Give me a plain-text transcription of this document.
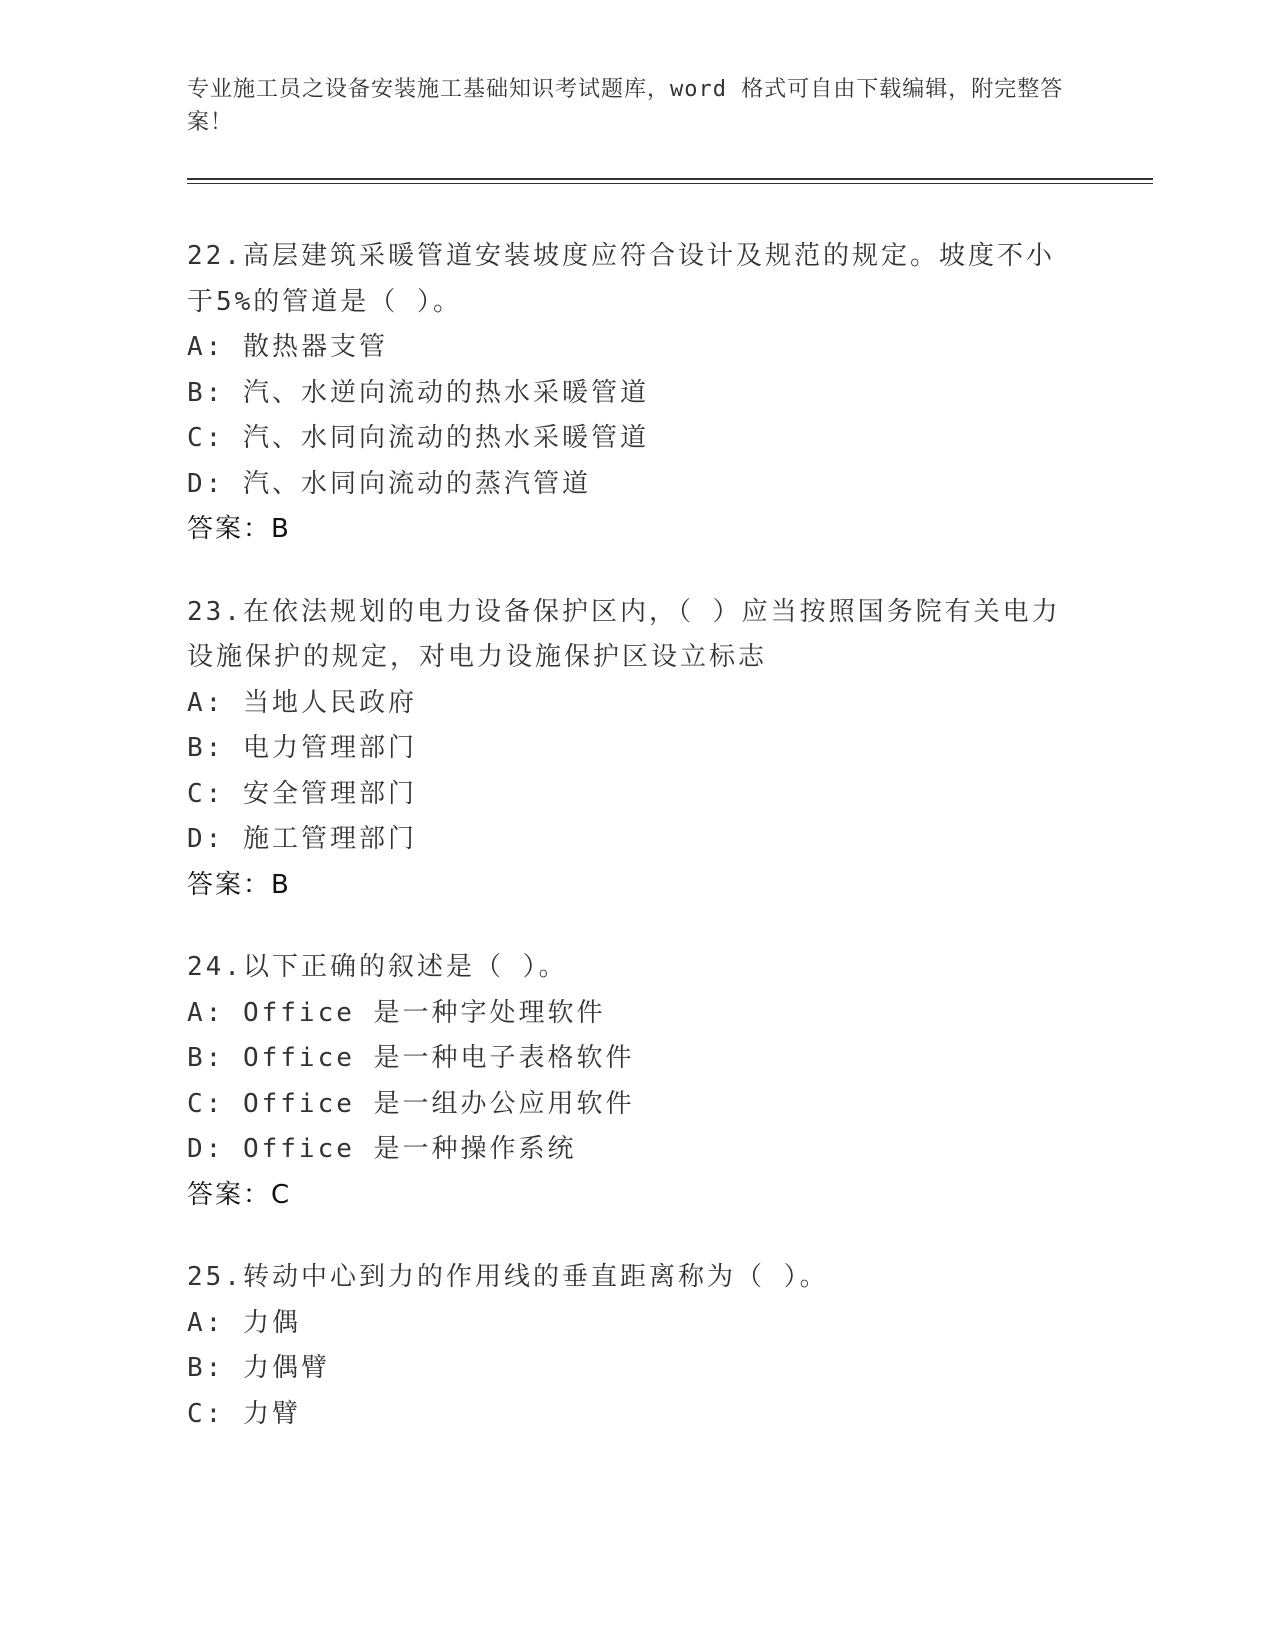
专业施工员之设备安装施工基础知识考试题库，word 格式可自由下载编辑，附完整答案！
22.高层建筑采暖管道安装坡度应符合设计及规范的规定。坡度不小于5%的管道是（ ）。
A: 散热器支管
B: 汽、水逆向流动的热水采暖管道
C: 汽、水同向流动的热水采暖管道
D: 汽、水同向流动的蒸汽管道
答案：B
23.在依法规划的电力设备保护区内，（ ）应当按照国务院有关电力设施保护的规定，对电力设施保护区设立标志
A: 当地人民政府
B: 电力管理部门
C: 安全管理部门
D: 施工管理部门
答案：B
24.以下正确的叙述是（ ）。
A: Office 是一种字处理软件
B: Office 是一种电子表格软件
C: Office 是一组办公应用软件
D: Office 是一种操作系统
答案：C
25.转动中心到力的作用线的垂直距离称为（ ）。
A: 力偶
B: 力偶臂
C: 力臂
